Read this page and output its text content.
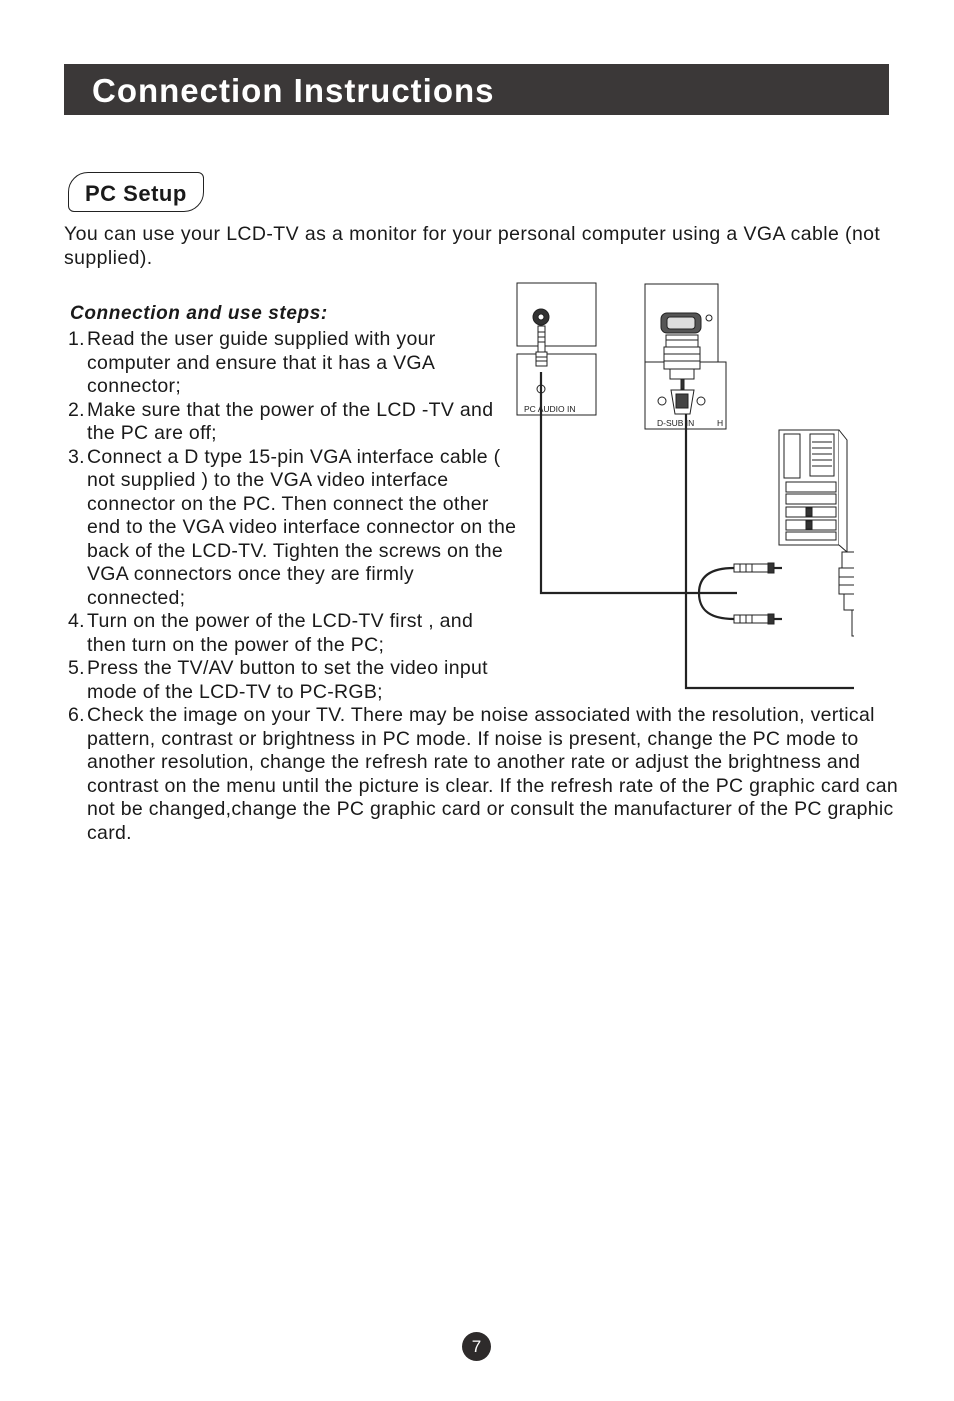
Connection Instructions
PC Setup

You can use your LCD-TV as a monitor for your personal computer using a VGA cable (not supplied).

Connection and use steps:
1. Read the user guide supplied with your computer and ensure that it has a VGA connector;
2. Make sure that the power of the LCD -TV and the PC are off;
3. Connect a D type 15-pin VGA interface cable ( not supplied ) to the VGA video interface connector on the PC. Then connect the other end to the VGA video interface connector on the back of the LCD-TV. Tighten the screws on the VGA connectors once they are firmly connected;
4. Turn on the power of the LCD-TV first , and then turn on the power of the PC;
5. Press the TV/AV button to set the video input mode of the LCD-TV to PC-RGB;
6. Check the image on your TV. There may be noise associated with the resolution, vertical pattern, contrast or brightness in PC mode. If noise is present, change the PC mode to another resolution, change the refresh rate to another rate or adjust the brightness and contrast on the menu until the picture is clear. If the refresh rate of the PC graphic card can not be changed,change the PC graphic card or consult the manufacturer of the PC graphic card.
PC AUDIO IN
D-SUB IN	H
7
